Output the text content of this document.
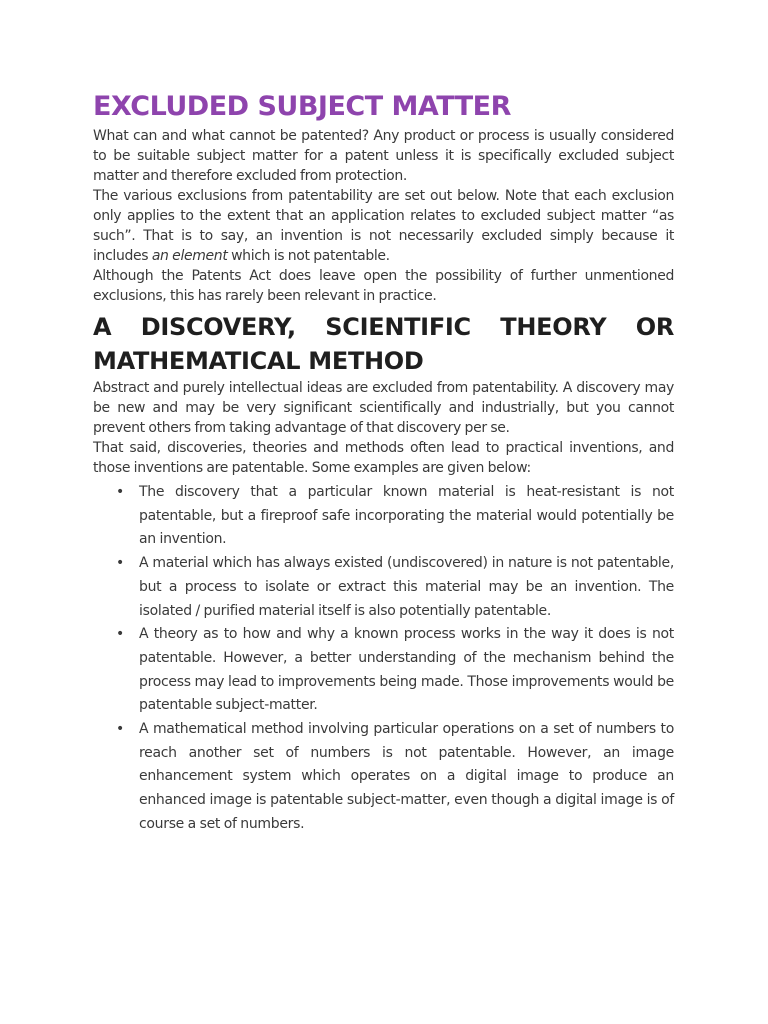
EXCLUDED SUBJECT MATTER

What can and what cannot be patented? Any product or process is usually considered to be suitable subject matter for a patent unless it is specifically excluded subject matter and therefore excluded from protection.

The various exclusions from patentability are set out below. Note that each exclusion only applies to the extent that an application relates to excluded subject matter “as such”. That is to say, an invention is not necessarily excluded simply because it includes an element which is not patentable.

Although the Patents Act does leave open the possibility of further unmentioned exclusions, this has rarely been relevant in practice.

A DISCOVERY, SCIENTIFIC THEORY OR
MATHEMATICAL METHOD

Abstract and purely intellectual ideas are excluded from patentability. A discovery may be new and may be very significant scientifically and industrially, but you cannot prevent others from taking advantage of that discovery per se.

That said, discoveries, theories and methods often lead to practical inventions, and those inventions are patentable. Some examples are given below:

• The discovery that a particular known material is heat-resistant is not patentable, but a fireproof safe incorporating the material would potentially be an invention.
• A material which has always existed (undiscovered) in nature is not patentable, but a process to isolate or extract this material may be an invention. The isolated / purified material itself is also potentially patentable.
• A theory as to how and why a known process works in the way it does is not patentable. However, a better understanding of the mechanism behind the process may lead to improvements being made. Those improvements would be patentable subject-matter.
• A mathematical method involving particular operations on a set of numbers to reach another set of numbers is not patentable. However, an image enhancement system which operates on a digital image to produce an enhanced image is patentable subject-matter, even though a digital image is of course a set of numbers.
